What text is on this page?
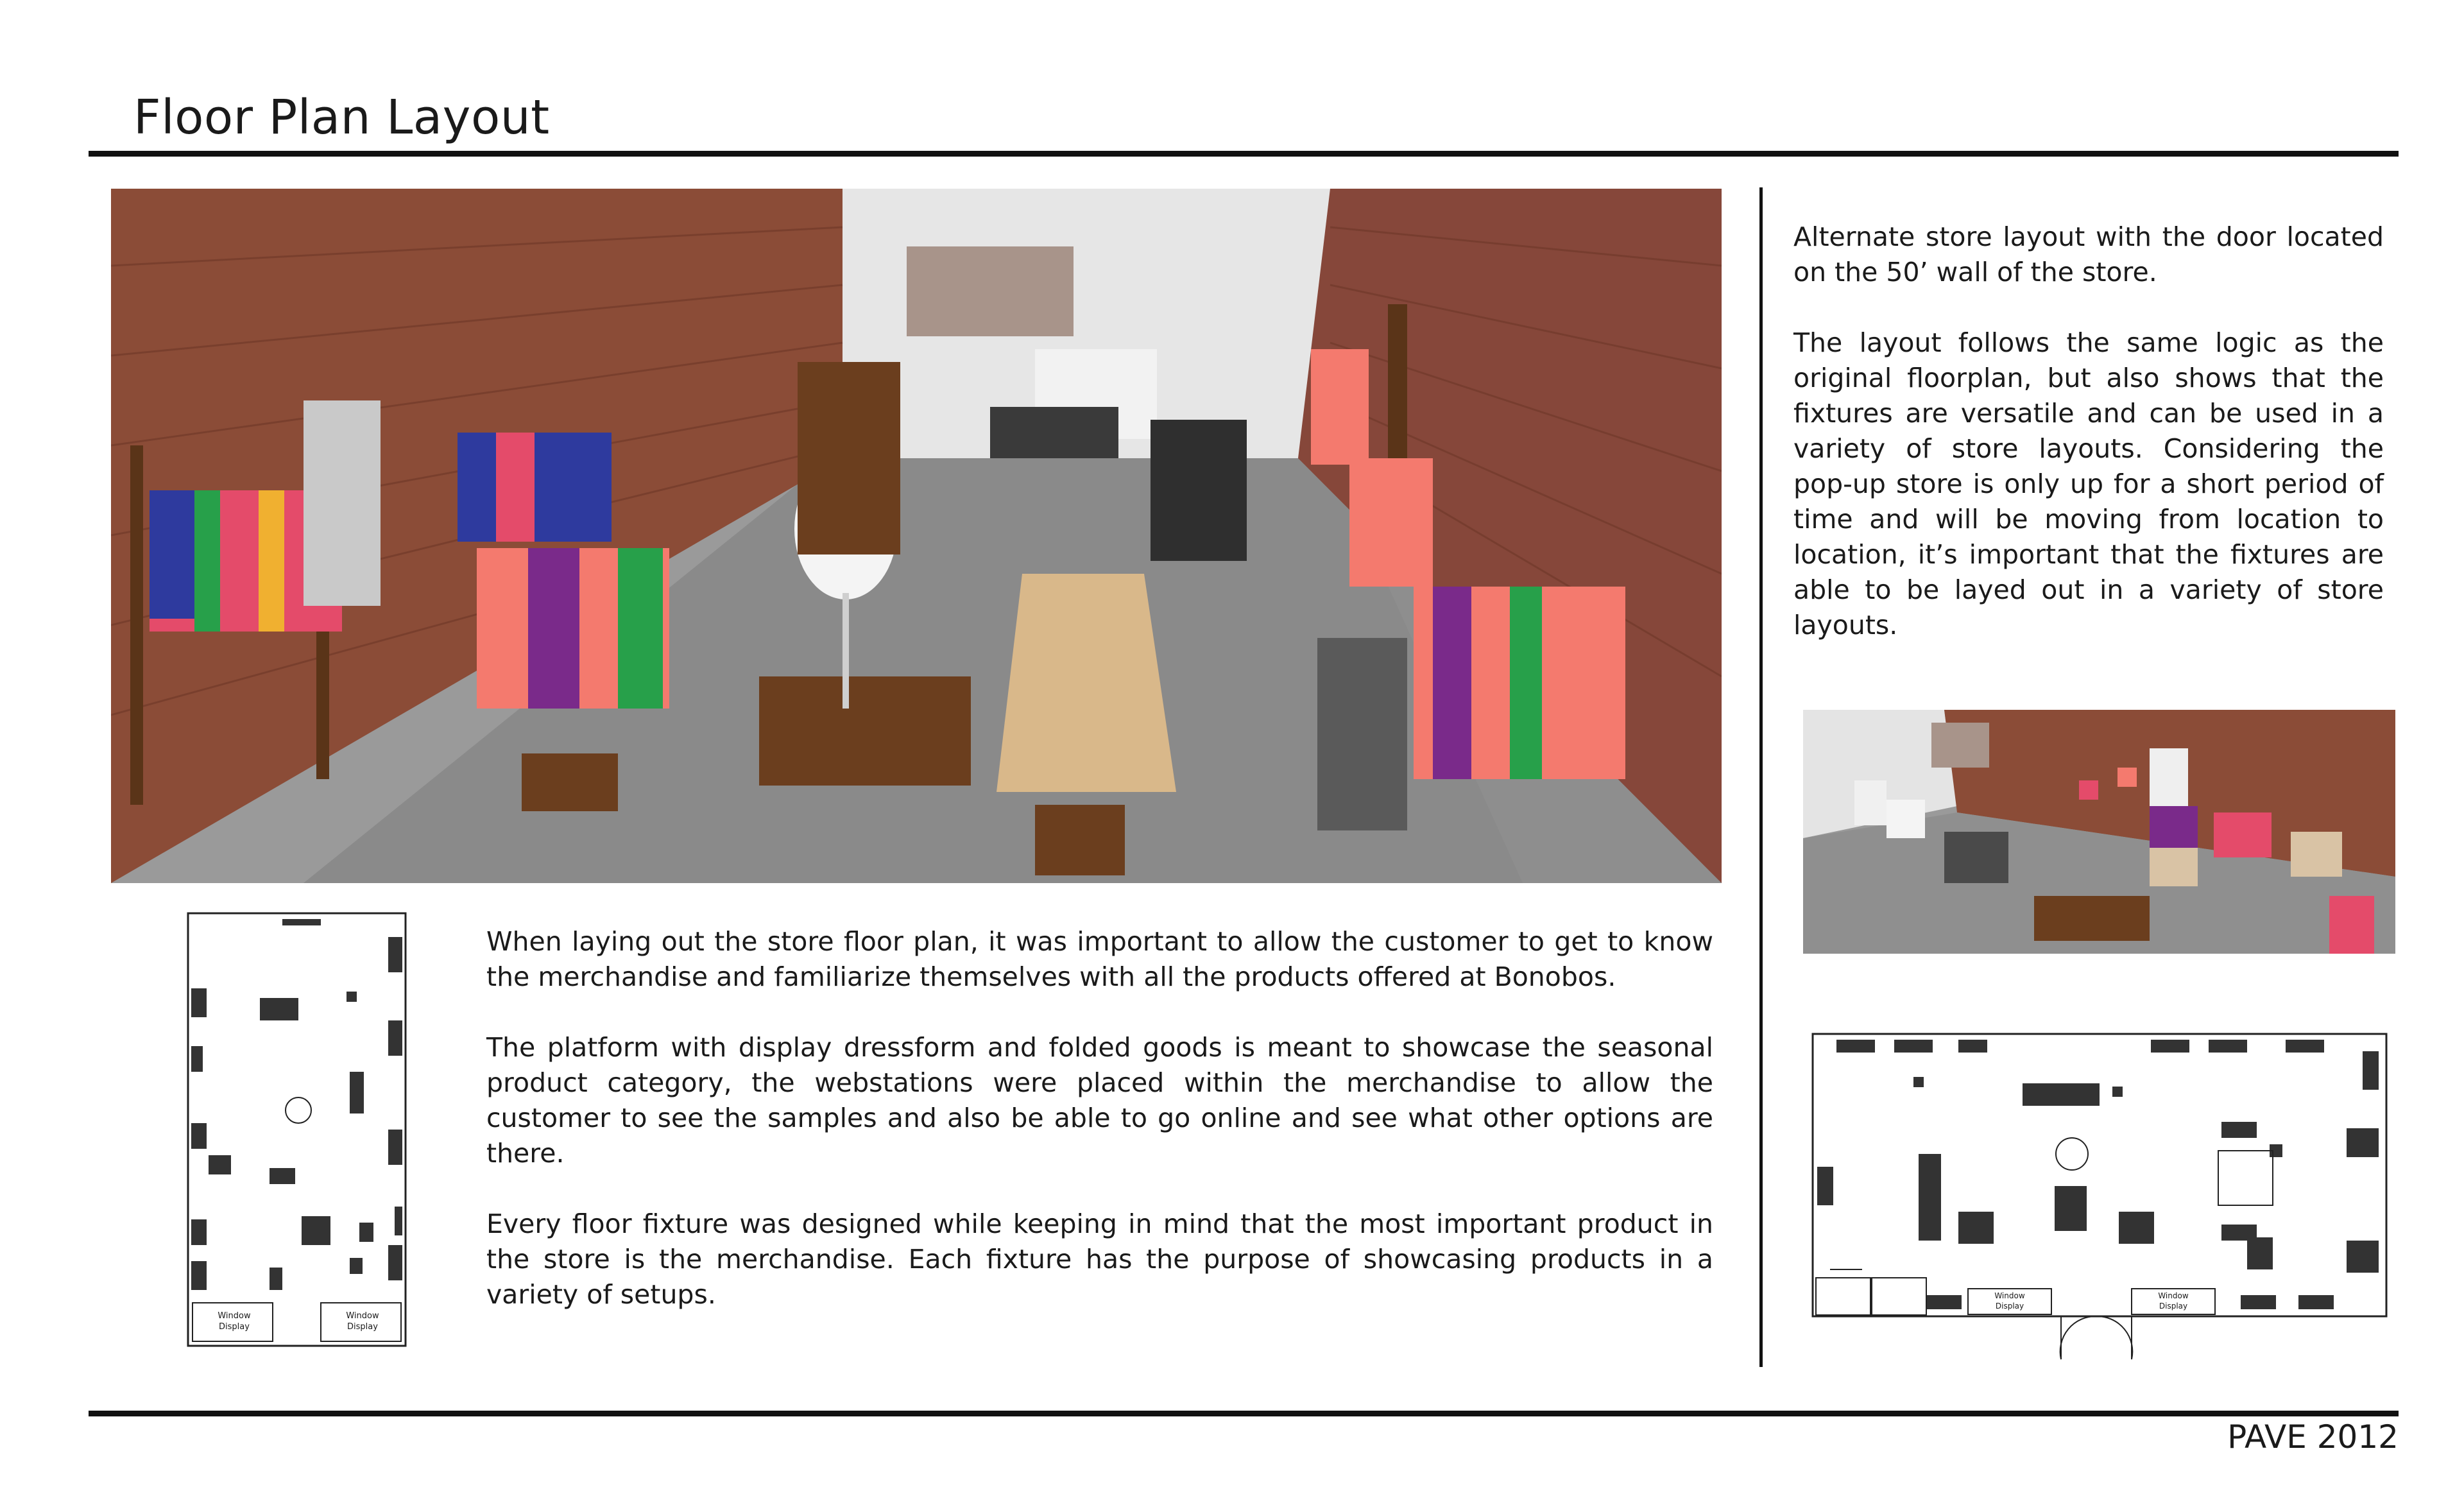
Floor Plan Layout
Window Display
Window Display

When laying out the store floor plan, it was important to allow the customer to get to know the merchandise and familiarize themselves with all the products offered at Bonobos.

The platform with display dressform and folded goods is meant to showcase the seasonal product category, the webstations were placed within the merchandise to allow the customer to see the samples and also be able to go online and see what other options are there.

Every floor fixture was designed while keeping in mind that the most important product in the store is the merchandise. Each fixture has the purpose of showcasing products in a variety of setups.

Alternate store layout with the door located on the 50’ wall of the store.

The layout follows the same logic as the original floorplan, but also shows that the fixtures are versatile and can be used in a variety of store layouts. Considering the pop-up store is only up for a short period of time and will be moving from location to location, it’s important that the fixtures are able to be layed out in a variety of store layouts.

Window Display
Window Display
PAVE 2012
